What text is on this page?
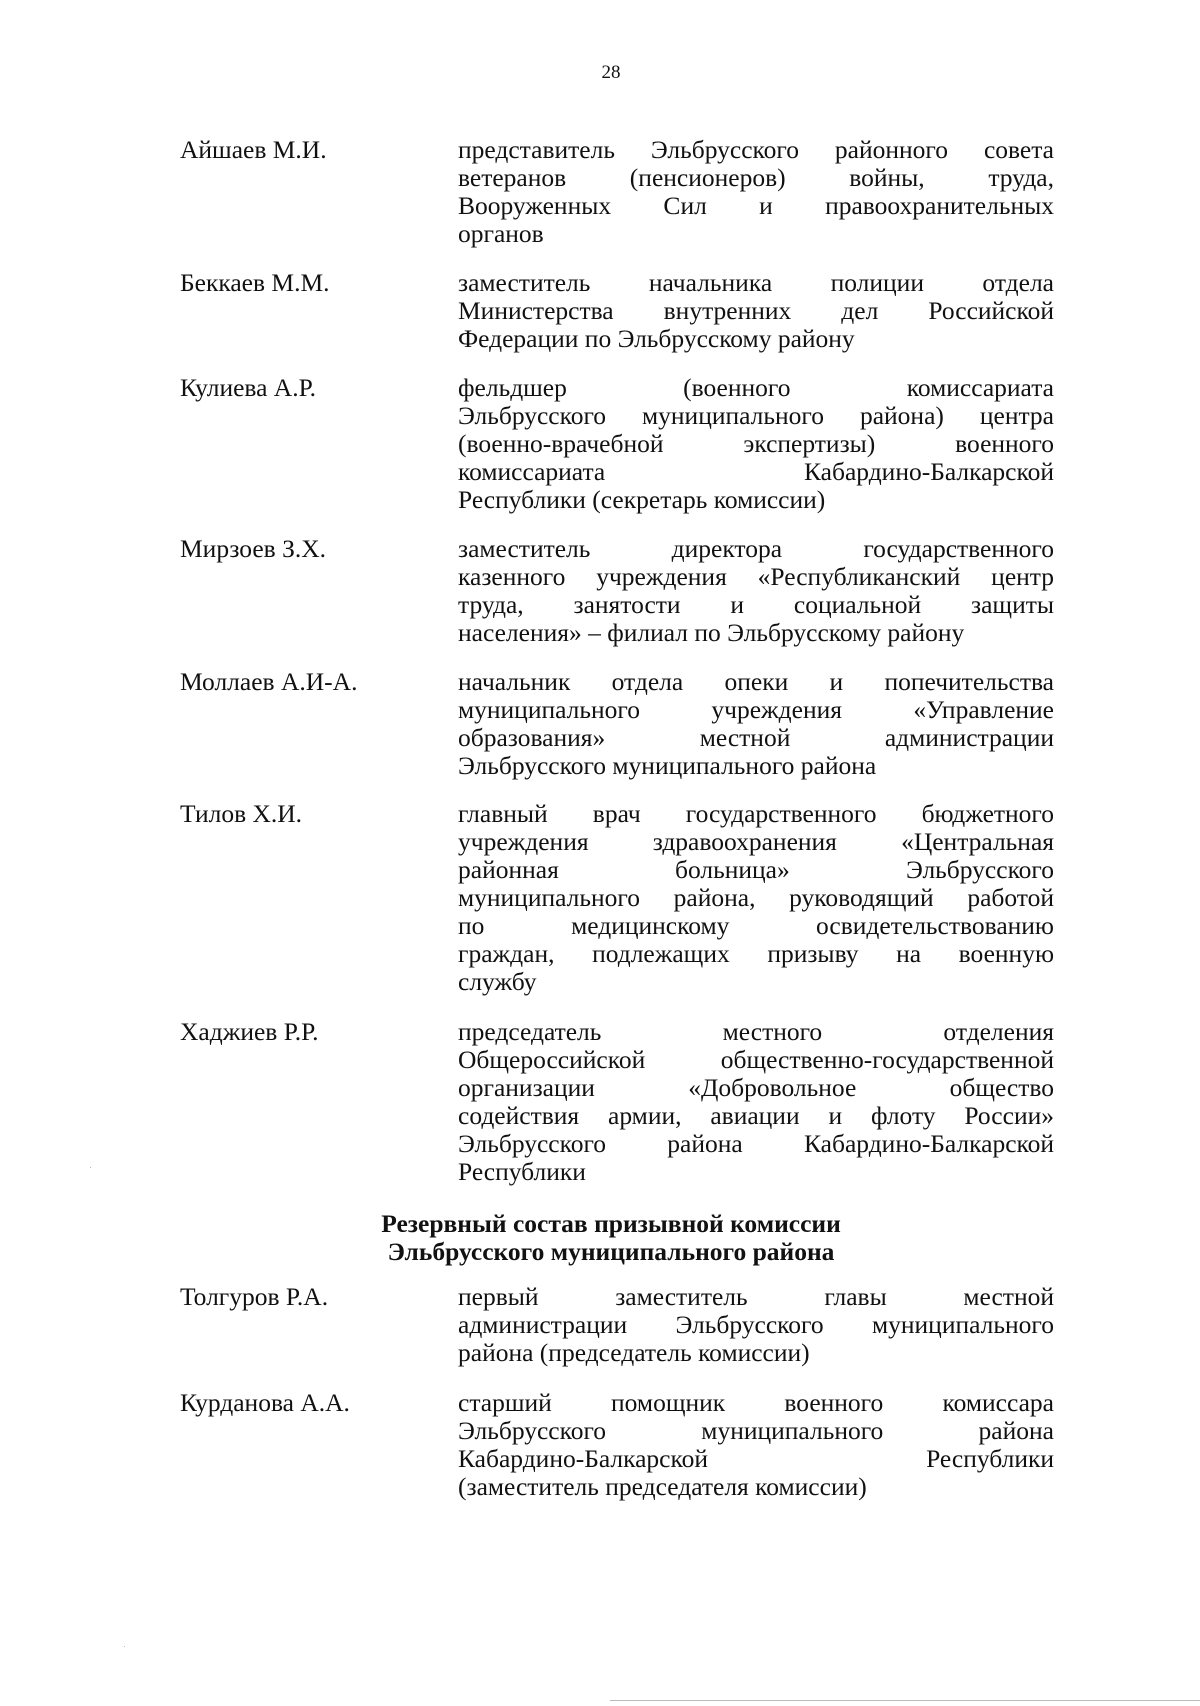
28
Айшаев М.И.	представитель Эльбрусского районного совета
ветеранов (пенсионеров) войны, труда,
Вооруженных Сил и правоохранительных
органов
Беккаев М.М.	заместитель начальника полиции отдела
Министерства внутренних дел Российской
Федерации по Эльбрусскому району
Кулиева А.Р.	фельдшер (военного комиссариата
Эльбрусского муниципального района) центра
(военно-врачебной экспертизы) военного
комиссариата Кабардино-Балкарской
Республики (секретарь комиссии)
Мирзоев З.Х.	заместитель директора государственного
казенного учреждения «Республиканский центр
труда, занятости и социальной защиты
населения» – филиал по Эльбрусскому району
Моллаев А.И-А.	начальник отдела опеки и попечительства
муниципального учреждения «Управление
образования» местной администрации
Эльбрусского муниципального района
Тилов Х.И.	главный врач государственного бюджетного
учреждения здравоохранения «Центральная
районная больница» Эльбрусского
муниципального района, руководящий работой
по медицинскому освидетельствованию
граждан, подлежащих призыву на военную
службу
Хаджиев Р.Р.	председатель местного отделения
Общероссийской общественно-государственной
организации «Добровольное общество
содействия армии, авиации и флоту России»
Эльбрусского района Кабардино-Балкарской
Республики
Резервный состав призывной комиссии
Эльбрусского муниципального района
Толгуров Р.А.	первый заместитель главы местной
администрации Эльбрусского муниципального
района (председатель комиссии)
Курданова А.А.	старший помощник военного комиссара
Эльбрусского муниципального района
Кабардино-Балкарской Республики
(заместитель председателя комиссии)
